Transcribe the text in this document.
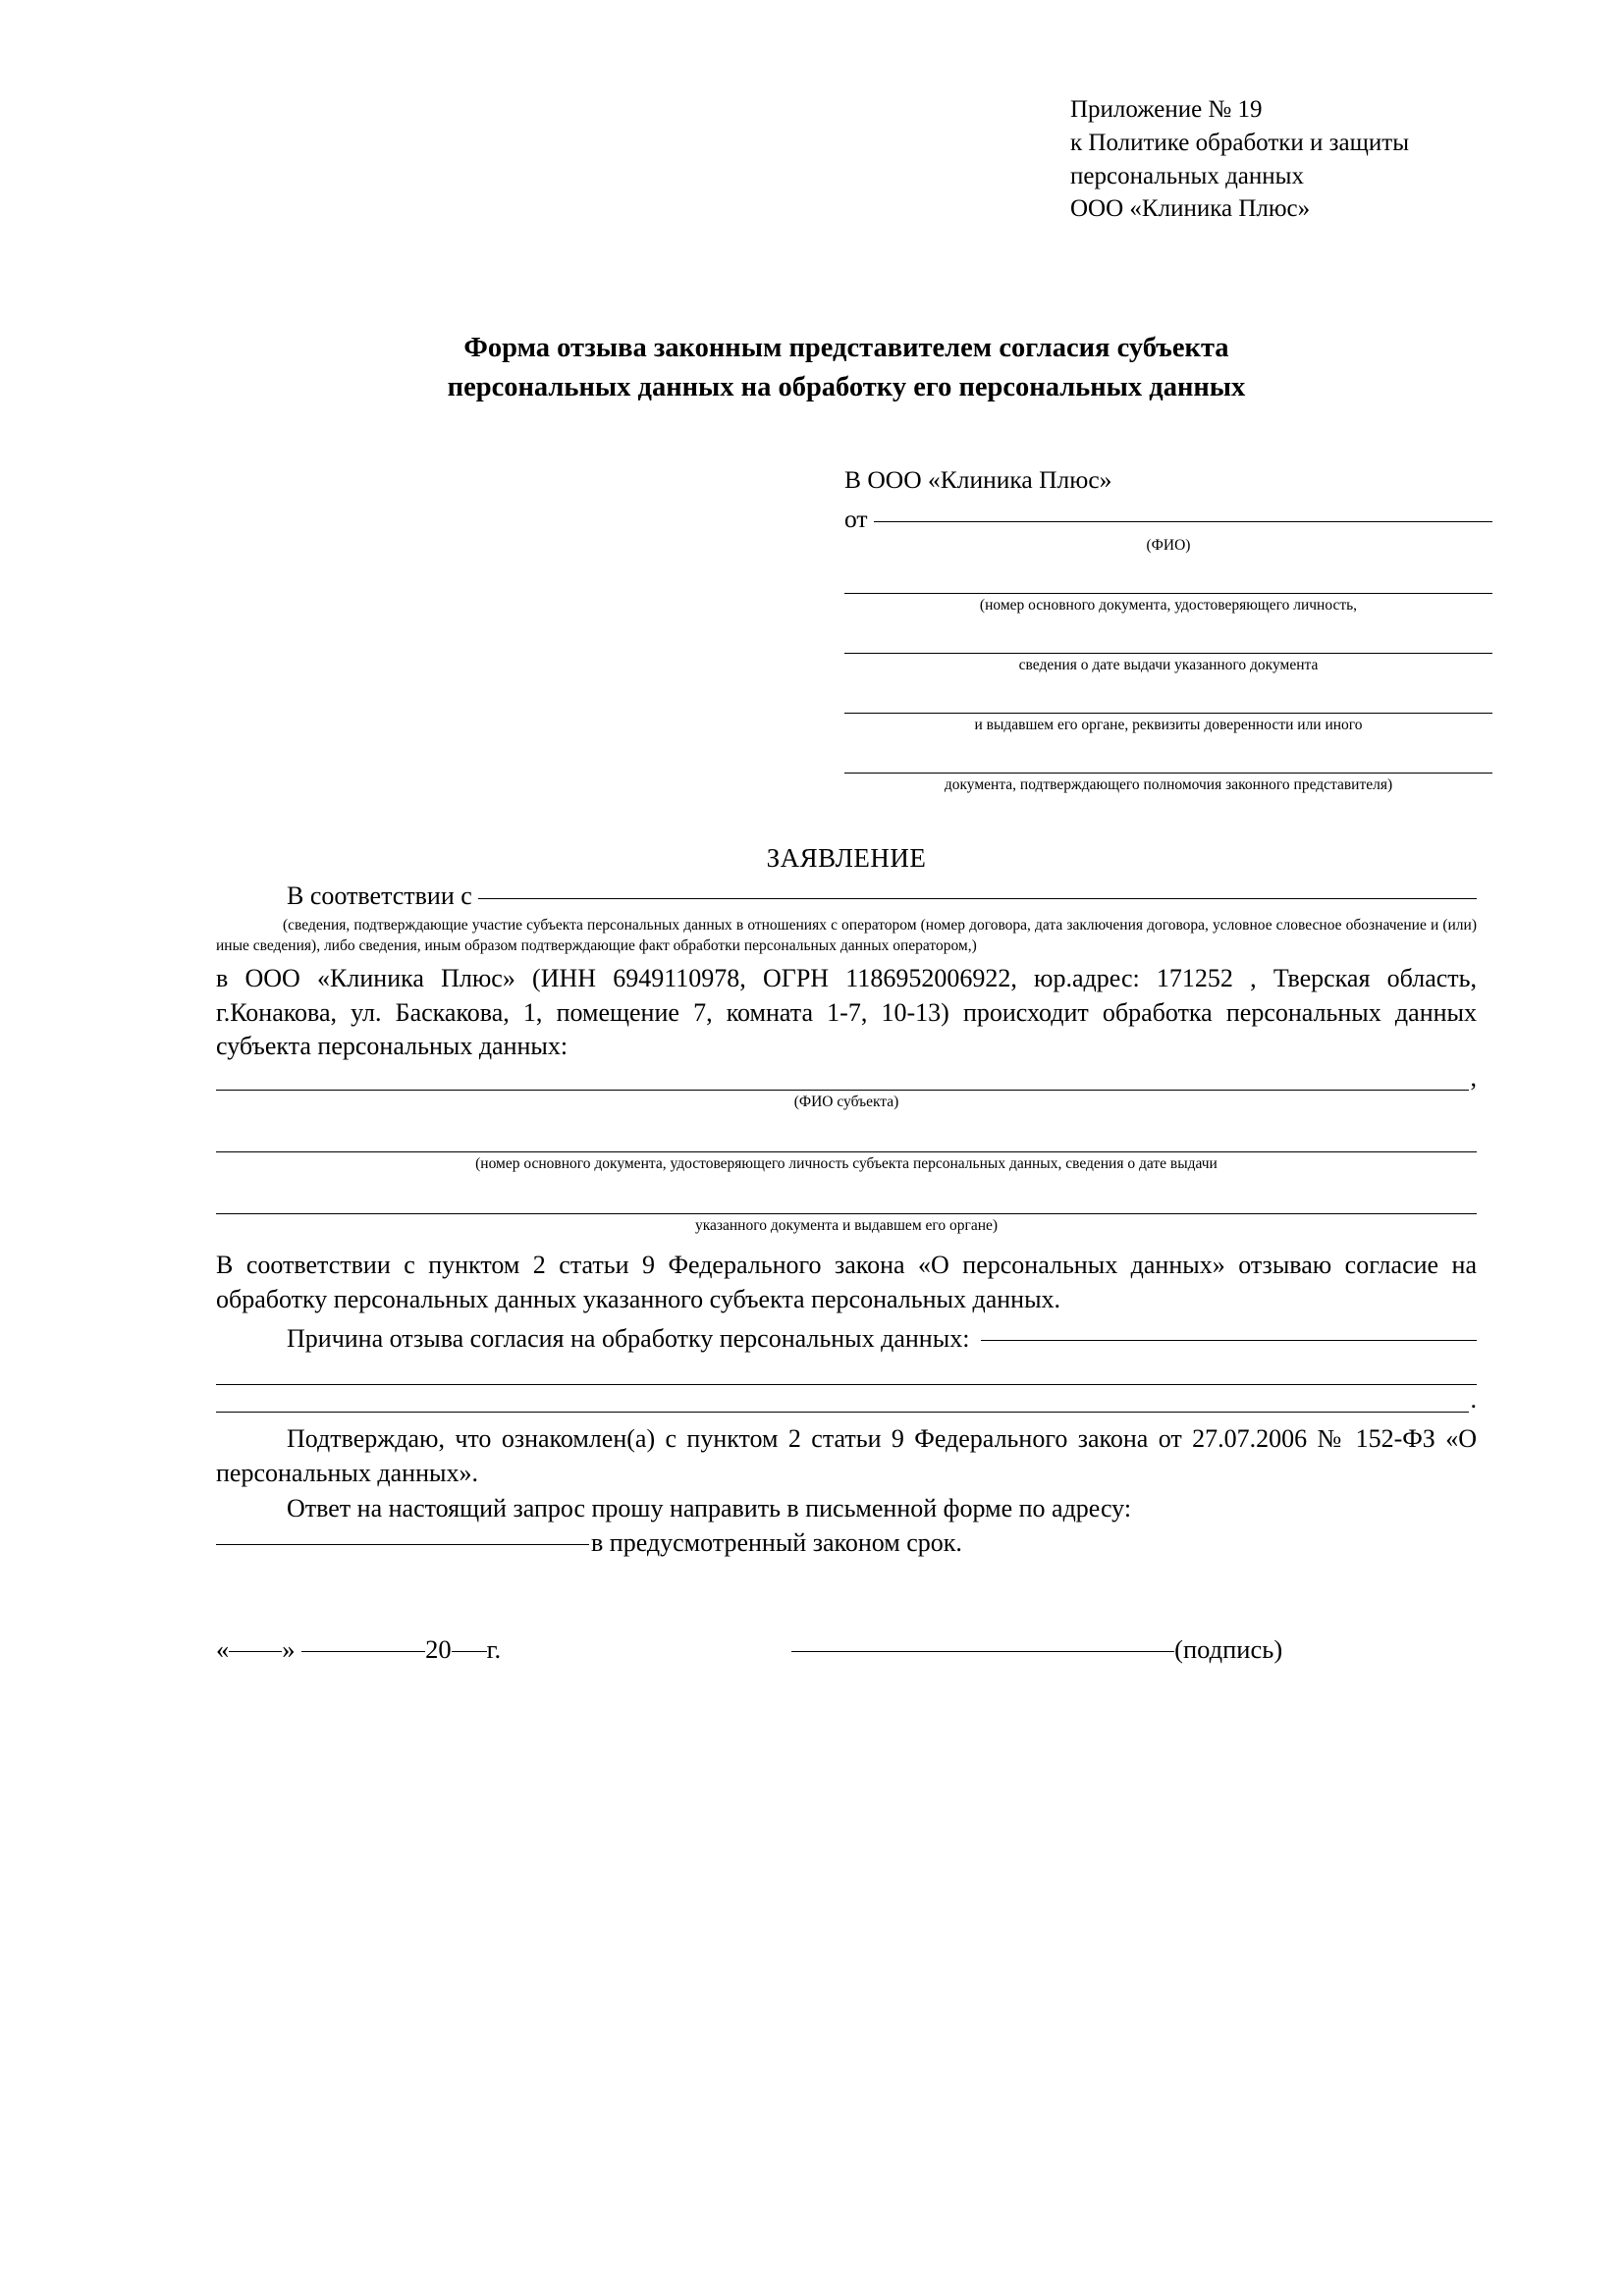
Приложение № 19
к Политике обработки и защиты
персональных данных
ООО «Клиника Плюс»
Форма отзыва законным представителем согласия субъекта
персональных данных на обработку его персональных данных
В ООО «Клиника Плюс»
от
(ФИО)
(номер основного документа, удостоверяющего личность,
сведения о дате выдачи указанного документа
и выдавшем его органе, реквизиты доверенности или иного
документа, подтверждающего полномочия законного представителя)
ЗАЯВЛЕНИЕ
В соответствии с
(сведения, подтверждающие участие субъекта персональных данных в отношениях с оператором (номер договора, дата заключения договора, условное словесное обозначение и (или) иные сведения), либо сведения, иным образом подтверждающие факт обработки персональных данных оператором,)
в ООО «Клиника Плюс» (ИНН 6949110978, ОГРН 1186952006922, юр.адрес: 171252 , Тверская область, г.Конакова, ул. Баскакова, 1, помещение 7, комната 1-7, 10-13) происходит обработка персональных данных субъекта персональных данных:
,
(ФИО субъекта)
(номер основного документа, удостоверяющего личность субъекта персональных данных, сведения о дате выдачи
указанного документа и выдавшем его органе)
В соответствии с пунктом 2 статьи 9 Федерального закона «О персональных данных» отзываю согласие на обработку персональных данных указанного субъекта персональных данных.
Причина отзыва согласия на обработку персональных данных:
.
Подтверждаю, что ознакомлен(а) с пунктом 2 статьи 9 Федерального закона от 27.07.2006 № 152-ФЗ «О персональных данных».
Ответ на настоящий запрос прошу направить в письменной форме по адресу:
в предусмотренный законом срок.
« »	20 г.	(подпись)
